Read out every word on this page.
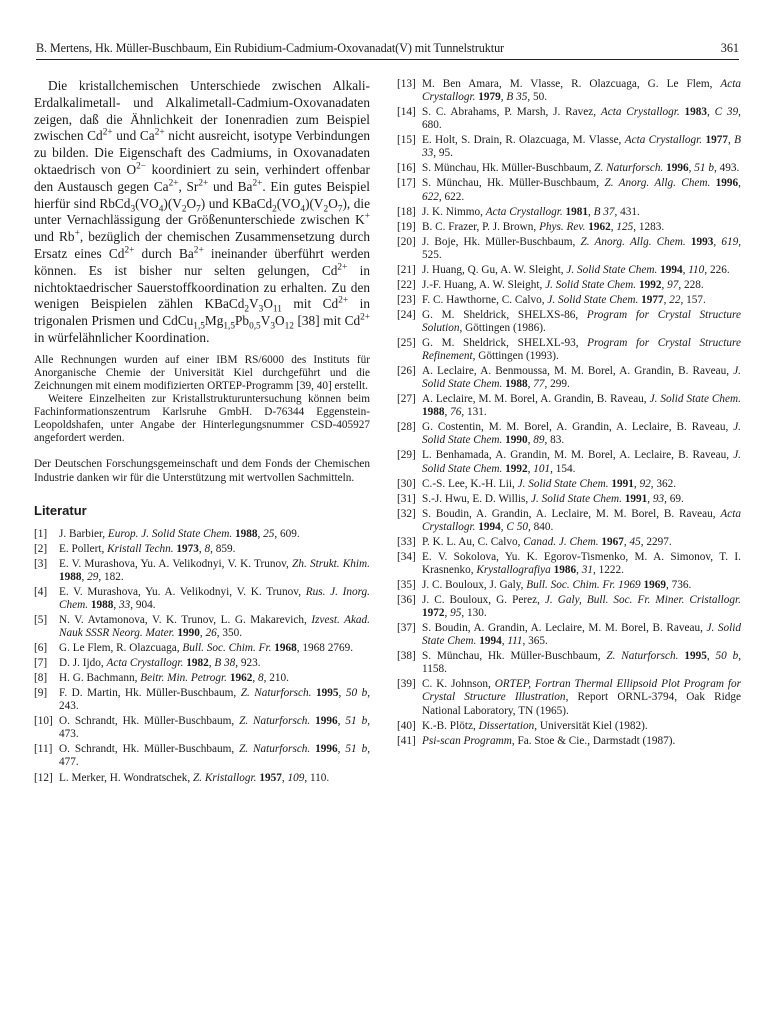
B. Mertens, Hk. Müller-Buschbaum, Ein Rubidium-Cadmium-Oxovanadat(V) mit Tunnelstruktur	361

Die kristallchemischen Unterschiede zwischen Alkali-Erdalkalimetall- und Alkalimetall-Cadmium-Oxovanadaten zeigen, daß die Ähnlichkeit der Ionenradien zum Beispiel zwischen $Cd^{2+}$ und $Ca^{2+}$ nicht ausreicht, isotype Verbindungen zu bilden. Die Eigenschaft des Cadmiums, in Oxovanadaten oktaedrisch von $O^{2-}$ koordiniert zu sein, verhindert offenbar den Austausch gegen $Ca^{2+}$, $Sr^{2+}$ und $Ba^{2+}$. Ein gutes Beispiel hierfür sind $RbCd_3(VO_4)(V_2O_7)$ und $KBaCd_2(VO_4)(V_2O_7)$, die unter Vernachlässigung der Größenunterschiede zwischen K+ und Rb+, bezüglich der chemischen Zusammensetzung durch Ersatz eines $Cd^{2+}$ durch $Ba^{2+}$ ineinander überführt werden können. Es ist bisher nur selten gelungen, $Cd^{2+}$ in nichtoktaedrischer Sauerstoffkoordination zu erhalten. Zu den wenigen Beispielen zählen $KBaCd_2V_3O_{11}$ mit $Cd^{2+}$ in trigonalen Prismen und $CdCu_{1,5}Mg_{1,5}Pb_{0,5}V_3O_{12}$ [38] mit $Cd^{2+}$ in würfelähnlicher Koordination.

Alle Rechnungen wurden auf einer IBM RS/6000 des Instituts für Anorganische Chemie der Universität Kiel durchgeführt und die Zeichnungen mit einem modifizierten ORTEP-Programm [39, 40] erstellt.

Weitere Einzelheiten zur Kristallstrukturuntersuchung können beim Fachinformationszentrum Karlsruhe GmbH. D-76344 Eggenstein-Leopoldshafen, unter Angabe der Hinterlegungsnummer CSD-405927 angefordert werden.

Der Deutschen Forschungsgemeinschaft und dem Fonds der Chemischen Industrie danken wir für die Unterstützung mit wertvollen Sachmitteln.

Literatur
[1]	J. Barbier, Europ. J. Solid State Chem. 1988, 25, 609.
[2]	E. Pollert, Kristall Techn. 1973, 8, 859.
[3]	E. V. Murashova, Yu. A. Velikodnyi, V. K. Trunov, Zh. Strukt. Khim. 1988, 29, 182.
[4]	E. V. Murashova, Yu. A. Velikodnyi, V. K. Trunov, Rus. J. Inorg. Chem. 1988, 33, 904.
[5]	N. V. Avtamonova, V. K. Trunov, L. G. Makarevich, Izvest. Akad. Nauk SSSR Neorg. Mater. 1990, 26, 350.
[6]	G. Le Flem, R. Olazcuaga, Bull. Soc. Chim. Fr. 1968, 1968 2769.
[7]	D. J. Ijdo, Acta Crystallogr. 1982, B 38, 923.
[8]	H. G. Bachmann, Beitr. Min. Petrogr. 1962, 8, 210.
[9]	F. D. Martin, Hk. Müller-Buschbaum, Z. Naturforsch. 1995, 50 b, 243.
[10] O. Schrandt, Hk. Müller-Buschbaum, Z. Naturforsch. 1996, 51 b, 473.
[11] O. Schrandt, Hk. Müller-Buschbaum, Z. Naturforsch. 1996, 51 b, 477.
[12] L. Merker, H. Wondratschek, Z. Kristallogr. 1957, 109, 110.
[13] M. Ben Amara, M. Vlasse, R. Olazcuaga, G. Le Flem, Acta Crystallogr. 1979, B 35, 50.
[14] S. C. Abrahams, P. Marsh, J. Ravez, Acta Crystallogr. 1983, C 39, 680.
[15] E. Holt, S. Drain, R. Olazcuaga, M. Vlasse, Acta Crystallogr. 1977, B 33, 95.
[16] S. Münchau, Hk. Müller-Buschbaum, Z. Naturforsch. 1996, 51 b, 493.
[17] S. Münchau, Hk. Müller-Buschbaum, Z. Anorg. Allg. Chem. 1996, 622, 622.
[18] J. K. Nimmo, Acta Crystallogr. 1981, B 37, 431.
[19] B. C. Frazer, P. J. Brown, Phys. Rev. 1962, 125, 1283.
[20] J. Boje, Hk. Müller-Buschbaum, Z. Anorg. Allg. Chem. 1993, 619, 525.
[21] J. Huang, Q. Gu, A. W. Sleight, J. Solid State Chem. 1994, 110, 226.
[22] J.-F. Huang, A. W. Sleight, J. Solid State Chem. 1992, 97, 228.
[23] F. C. Hawthorne, C. Calvo, J. Solid State Chem. 1977, 22, 157.
[24] G. M. Sheldrick, SHELXS-86, Program for Crystal Structure Solution, Göttingen (1986).
[25] G. M. Sheldrick, SHELXL-93, Program for Crystal Structure Refinement, Göttingen (1993).
[26] A. Leclaire, A. Benmoussa, M. M. Borel, A. Grandin, B. Raveau, J. Solid State Chem. 1988, 77, 299.
[27] A. Leclaire, M. M. Borel, A. Grandin, B. Raveau, J. Solid State Chem. 1988, 76, 131.
[28] G. Costentin, M. M. Borel, A. Grandin, A. Leclaire, B. Raveau, J. Solid State Chem. 1990, 89, 83.
[29] L. Benhamada, A. Grandin, M. M. Borel, A. Leclaire, B. Raveau, J. Solid State Chem. 1992, 101, 154.
[30] C.-S. Lee, K.-H. Lii, J. Solid State Chem. 1991, 92, 362.
[31] S.-J. Hwu, E. D. Willis, J. Solid State Chem. 1991, 93, 69.
[32] S. Boudin, A. Grandin, A. Leclaire, M. M. Borel, B. Raveau, Acta Crystallogr. 1994, C 50, 840.
[33] P. K. L. Au, C. Calvo, Canad. J. Chem. 1967, 45, 2297.
[34] E. V. Sokolova, Yu. K. Egorov-Tismenko, M. A. Simonov, T. I. Krasnenko, Krystallografiya 1986, 31, 1222.
[35] J. C. Bouloux, J. Galy, Bull. Soc. Chim. Fr. 1969 1969, 736.
[36] J. C. Bouloux, G. Perez, J. Galy, Bull. Soc. Fr. Miner. Cristallogr. 1972, 95, 130.
[37] S. Boudin, A. Grandin, A. Leclaire, M. M. Borel, B. Raveau, J. Solid State Chem. 1994, 111, 365.
[38] S. Münchau, Hk. Müller-Buschbaum, Z. Naturforsch. 1995, 50 b, 1158.
[39] C. K. Johnson, ORTEP, Fortran Thermal Ellipsoid Plot Program for Crystal Structure Illustration, Report ORNL-3794, Oak Ridge National Laboratory, TN (1965).
[40] K.-B. Plötz, Dissertation, Universität Kiel (1982).
[41] Psi-scan Programm, Fa. Stoe & Cie., Darmstadt (1987).
